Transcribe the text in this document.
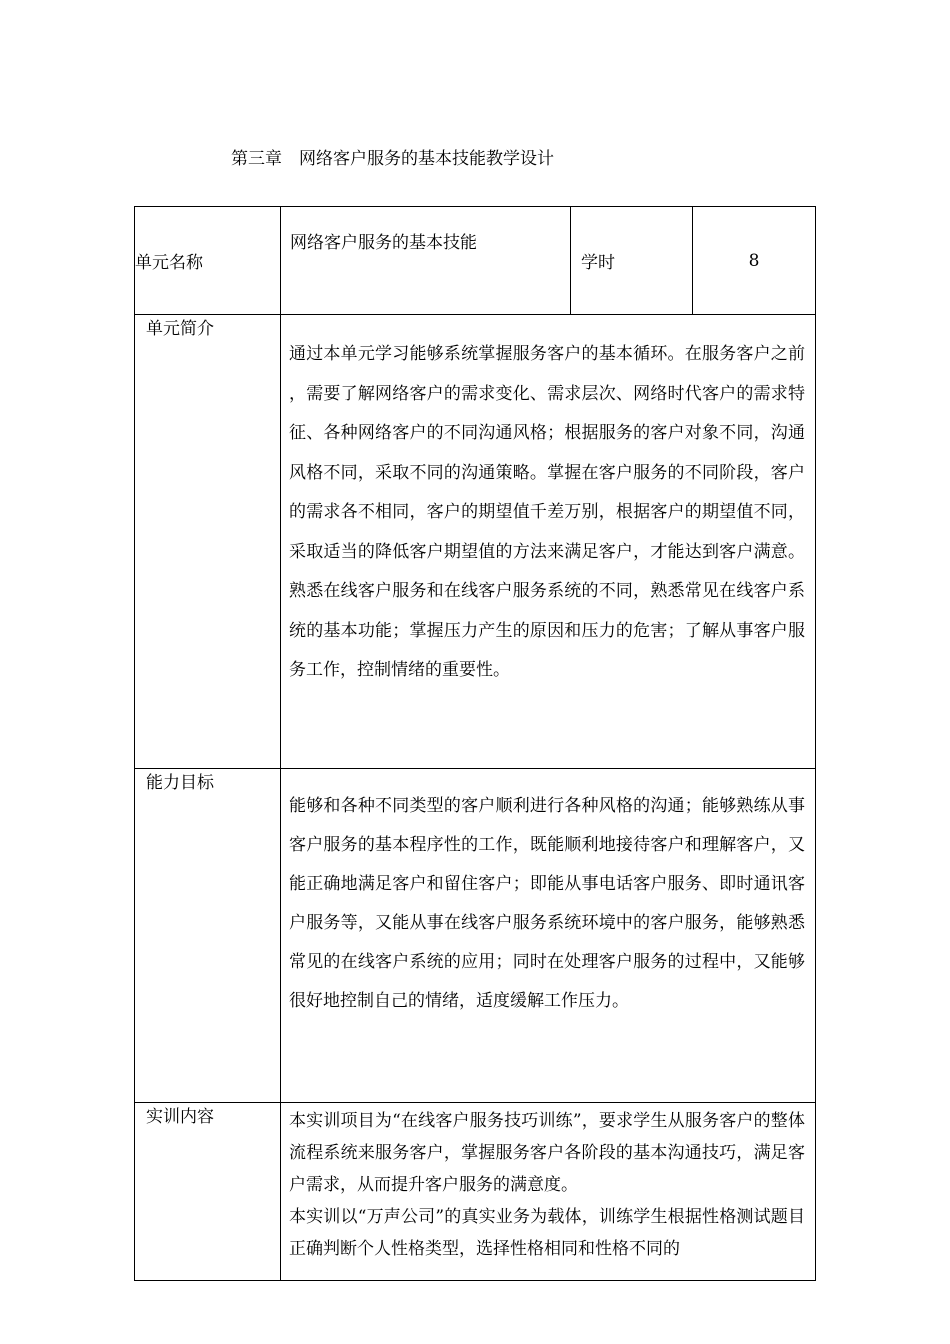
第三章　网络客户服务的基本技能教学设计
单元名称	网络客户服务的基本技能	学时	8
单元简介	通过本单元学习能够系统掌握服务客户的基本循环。在服务客户之前，需要了解网络客户的需求变化、需求层次、网络时代客户的需求特征、各种网络客户的不同沟通风格；根据服务的客户对象不同，沟通风格不同，采取不同的沟通策略。掌握在客户服务的不同阶段，客户的需求各不相同，客户的期望值千差万别，根据客户的期望值不同，采取适当的降低客户期望值的方法来满足客户，才能达到客户满意。熟悉在线客户服务和在线客户服务系统的不同，熟悉常见在线客户系统的基本功能；掌握压力产生的原因和压力的危害；了解从事客户服务工作，控制情绪的重要性。		
能力目标	能够和各种不同类型的客户顺利进行各种风格的沟通；能够熟练从事客户服务的基本程序性的工作，既能顺利地接待客户和理解客户，又能正确地满足客户和留住客户；即能从事电话客户服务、即时通讯客户服务等，又能从事在线客户服务系统环境中的客户服务，能够熟悉常见的在线客户系统的应用；同时在处理客户服务的过程中，又能够很好地控制自己的情绪，适度缓解工作压力。		
实训内容	本实训项目为“在线客户服务技巧训练”，要求学生从服务客户的整体流程系统来服务客户，掌握服务客户各阶段的基本沟通技巧，满足客户需求，从而提升客户服务的满意度。

本实训以“万声公司”的真实业务为载体，训练学生根据性格测试题目正确判断个人性格类型，选择性格相同和性格不同的		
